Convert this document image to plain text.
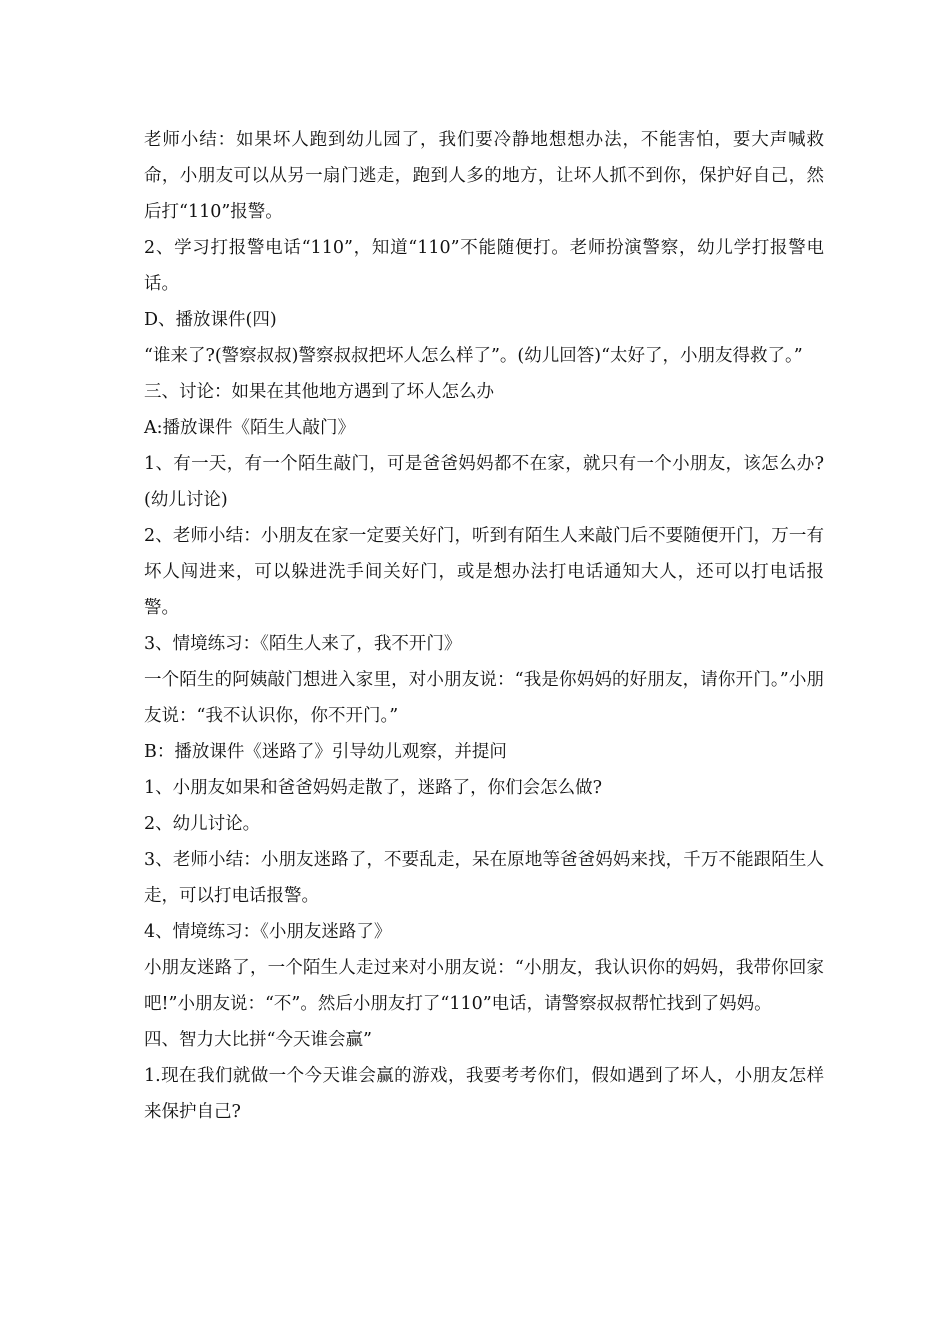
老师小结：如果坏人跑到幼儿园了，我们要冷静地想想办法，不能害怕，要大声喊救命，小朋友可以从另一扇门逃走，跑到人多的地方，让坏人抓不到你，保护好自己，然后打“110”报警。

2、学习打报警电话“110”，知道“110”不能随便打。老师扮演警察，幼儿学打报警电话。

D、播放课件(四)

“谁来了?(警察叔叔)警察叔叔把坏人怎么样了”。(幼儿回答)“太好了，小朋友得救了。”

三、讨论：如果在其他地方遇到了坏人怎么办

A:播放课件《陌生人敲门》

1、有一天，有一个陌生敲门，可是爸爸妈妈都不在家，就只有一个小朋友，该怎么办?(幼儿讨论)

2、老师小结：小朋友在家一定要关好门，听到有陌生人来敲门后不要随便开门，万一有坏人闯进来，可以躲进洗手间关好门，或是想办法打电话通知大人，还可以打电话报警。

3、情境练习：《陌生人来了，我不开门》

一个陌生的阿姨敲门想进入家里，对小朋友说：“我是你妈妈的好朋友，请你开门。”小朋友说：“我不认识你，你不开门。”

B：播放课件《迷路了》引导幼儿观察，并提问

1、小朋友如果和爸爸妈妈走散了，迷路了，你们会怎么做?

2、幼儿讨论。

3、老师小结：小朋友迷路了，不要乱走，呆在原地等爸爸妈妈来找，千万不能跟陌生人走，可以打电话报警。

4、情境练习：《小朋友迷路了》

小朋友迷路了，一个陌生人走过来对小朋友说：“小朋友，我认识你的妈妈，我带你回家吧!”小朋友说：“不”。然后小朋友打了“110”电话，请警察叔叔帮忙找到了妈妈。

四、智力大比拼“今天谁会赢”

1.现在我们就做一个今天谁会赢的游戏，我要考考你们，假如遇到了坏人，小朋友怎样来保护自己?
